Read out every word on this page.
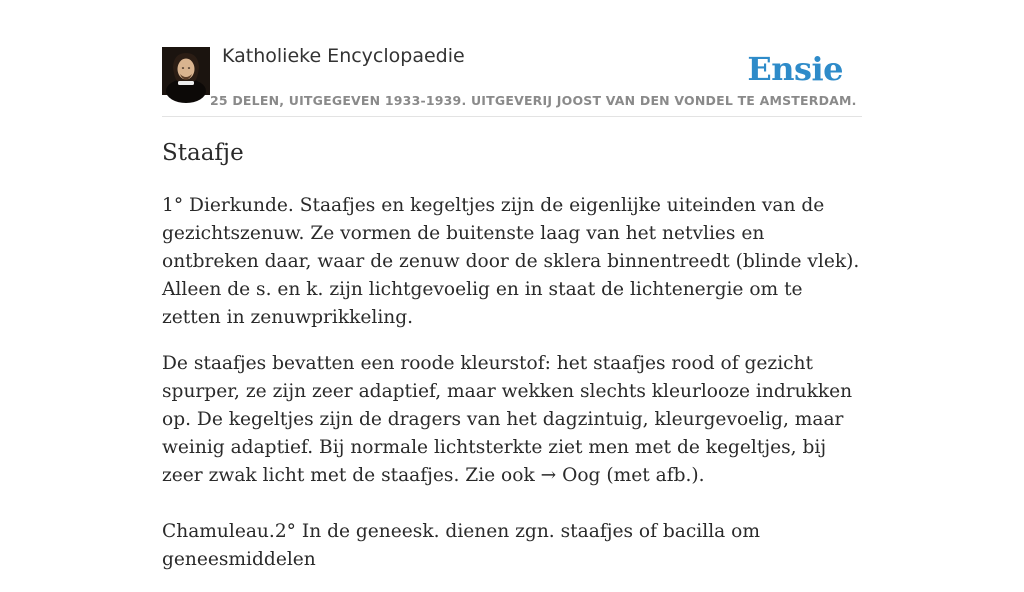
Katholieke Encyclopaedie	Ensie
25 DELEN, UITGEGEVEN 1933-1939. UITGEVERIJ JOOST VAN DEN VONDEL TE AMSTERDAM.
Staafje

1° Dierkunde. Staafjes en kegeltjes zijn de eigenlijke uiteinden van de gezichtszenuw. Ze vormen de buitenste laag van het netvlies en ontbreken daar, waar de zenuw door de sklera binnentreedt (blinde vlek). Alleen de s. en k. zijn lichtgevoelig en in staat de lichtenergie om te zetten in zenuwprikkeling.

De staafjes bevatten een roode kleurstof: het staafjes rood of gezicht spurper, ze zijn zeer adaptief, maar wekken slechts kleurlooze indrukken op. De kegeltjes zijn de dragers van het dagzintuig, kleurgevoelig, maar weinig adaptief. Bij normale lichtsterkte ziet men met de kegeltjes, bij zeer zwak licht met de staafjes. Zie ook → Oog (met afb.).

Chamuleau.2° In de geneesk. dienen zgn. staafjes of bacilla om geneesmiddelen
